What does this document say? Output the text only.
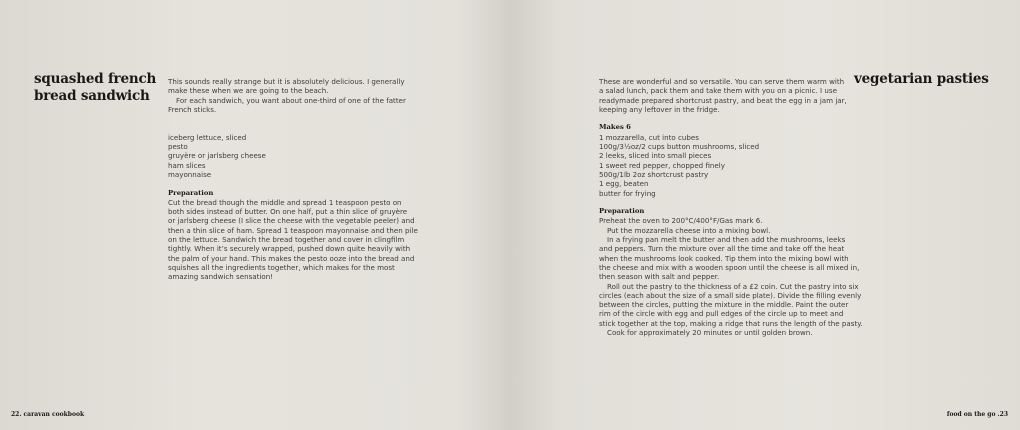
squashed french
bread sandwich
This sounds really strange but it is absolutely delicious. I generally
make these when we are going to the beach.
For each sandwich, you want about one-third of one of the fatter
French sticks.
iceberg lettuce, sliced
pesto
gruyère or jarlsberg cheese
ham slices
mayonnaise
Preparation
Cut the bread though the middle and spread 1 teaspoon pesto on
both sides instead of butter. On one half, put a thin slice of gruyère
or jarlsberg cheese (I slice the cheese with the vegetable peeler) and
then a thin slice of ham. Spread 1 teaspoon mayonnaise and then pile
on the lettuce. Sandwich the bread together and cover in clingfilm
tightly. When it’s securely wrapped, pushed down quite heavily with
the palm of your hand. This makes the pesto ooze into the bread and
squishes all the ingredients together, which makes for the most
amazing sandwich sensation!
vegetarian pasties
These are wonderful and so versatile. You can serve them warm with
a salad lunch, pack them and take them with you on a picnic. I use
readymade prepared shortcrust pastry, and beat the egg in a jam jar,
keeping any leftover in the fridge.
Makes 6
1 mozzarella, cut into cubes
100g/3½oz/2 cups button mushrooms, sliced
2 leeks, sliced into small pieces
1 sweet red pepper, chopped finely
500g/1lb 2oz shortcrust pastry
1 egg, beaten
butter for frying
Preparation
Preheat the oven to 200°C/400°F/Gas mark 6.
Put the mozzarella cheese into a mixing bowl.
In a frying pan melt the butter and then add the mushrooms, leeks
and peppers. Turn the mixture over all the time and take off the heat
when the mushrooms look cooked. Tip them into the mixing bowl with
the cheese and mix with a wooden spoon until the cheese is all mixed in,
then season with salt and pepper.
Roll out the pastry to the thickness of a £2 coin. Cut the pastry into six
circles (each about the size of a small side plate). Divide the filling evenly
between the circles, putting the mixture in the middle. Paint the outer
rim of the circle with egg and pull edges of the circle up to meet and
stick together at the top, making a ridge that runs the length of the pasty.
Cook for approximately 20 minutes or until golden brown.
22. caravan cookbook	food on the go .23
